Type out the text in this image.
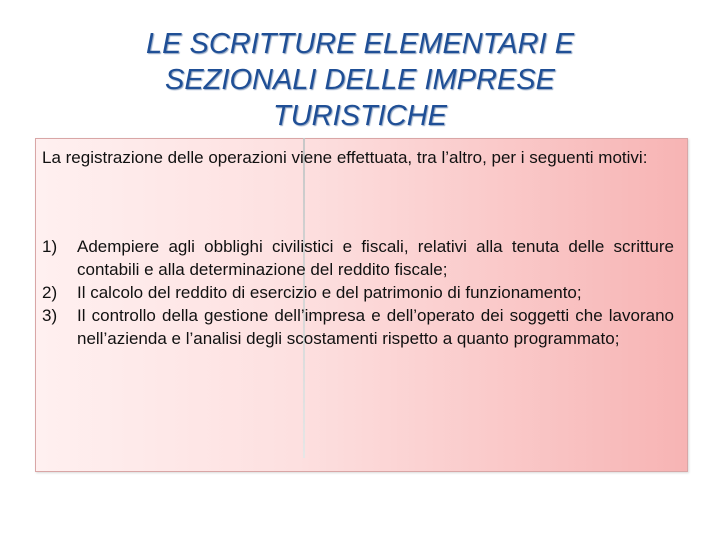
LE SCRITTURE ELEMENTARI E
SEZIONALI DELLE IMPRESE
TURISTICHE

La registrazione delle operazioni viene effettuata, tra l’altro, per i seguenti motivi:

1) Adempiere agli obblighi civilistici e fiscali, relativi alla tenuta delle scritture contabili e alla determinazione del reddito fiscale;
2) Il calcolo del reddito di esercizio e del patrimonio di funzionamento;
3) Il controllo della gestione dell’impresa e dell’operato dei soggetti che lavorano nell’azienda e l’analisi degli scostamenti rispetto a quanto programmato;
